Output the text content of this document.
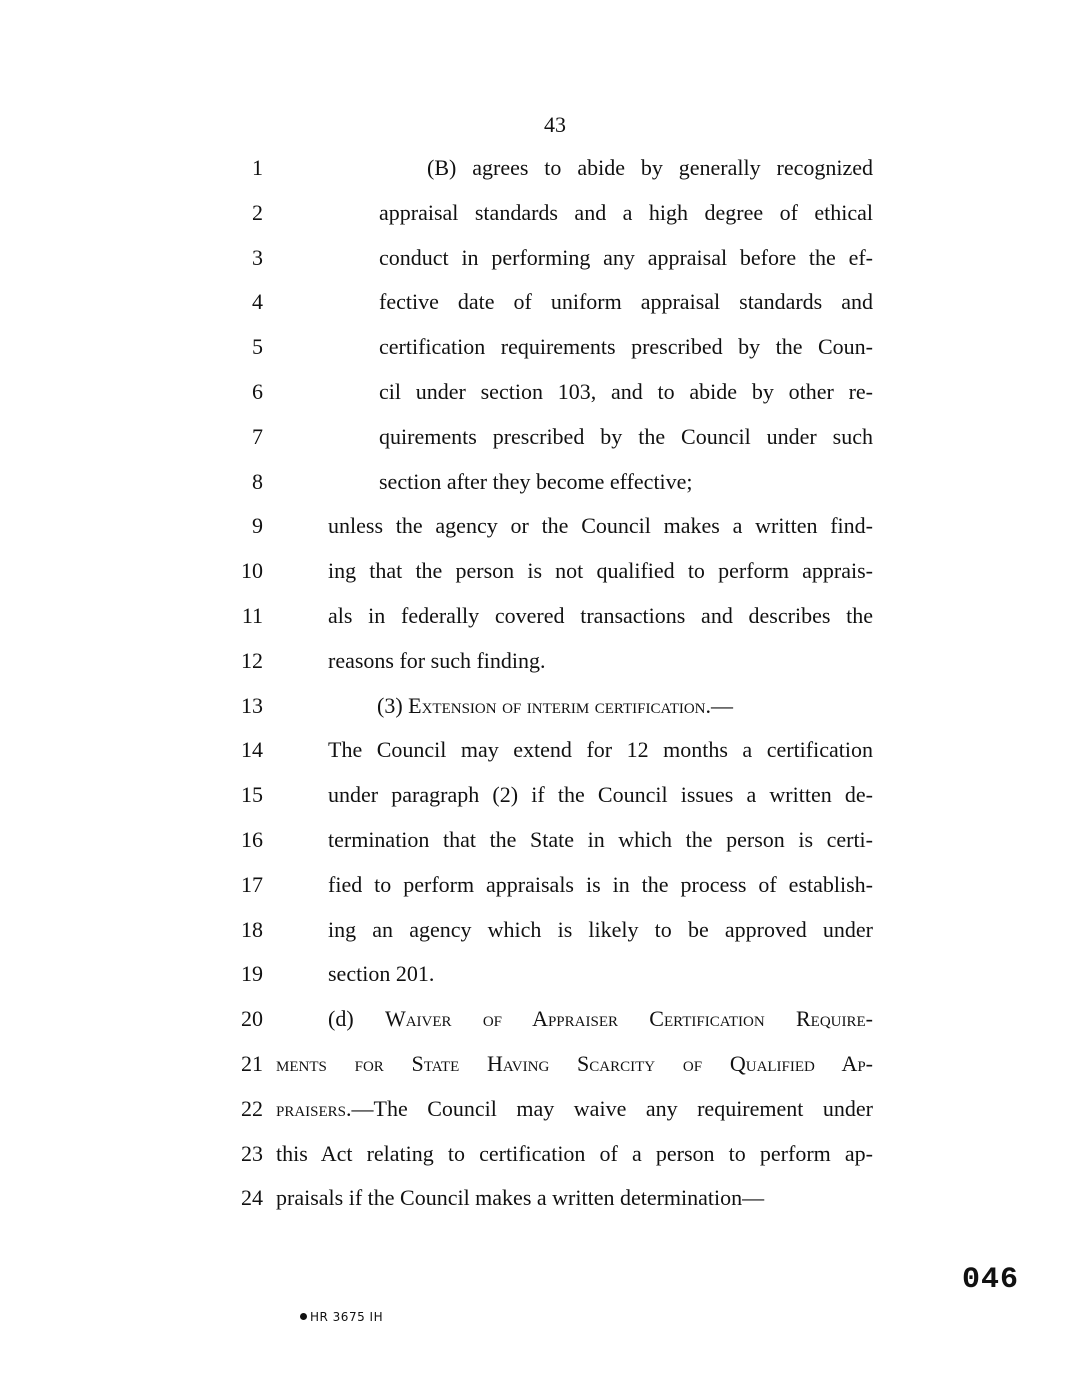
43
1	(B) agrees to abide by generally recognized
2	appraisal standards and a high degree of ethical
3	conduct in performing any appraisal before the ef-
4	fective date of uniform appraisal standards and
5	certification requirements prescribed by the Coun-
6	cil under section 103, and to abide by other re-
7	quirements prescribed by the Council under such
8	section after they become effective;
9	unless the agency or the Council makes a written find-
10	ing that the person is not qualified to perform apprais-
11	als in federally covered transactions and describes the
12	reasons for such finding.
13	(3) Extension of interim certification.—
14	The Council may extend for 12 months a certification
15	under paragraph (2) if the Council issues a written de-
16	termination that the State in which the person is certi-
17	fied to perform appraisals is in the process of establish-
18	ing an agency which is likely to be approved under
19	section 201.
20	(d) Waiver of Appraiser Certification Require-
21 ments for State Having Scarcity of Qualified Ap-
22 praisers.—The Council may waive any requirement under
23 this Act relating to certification of a person to perform ap-
24 praisals if the Council makes a written determination—
046
HR 3675 IH
